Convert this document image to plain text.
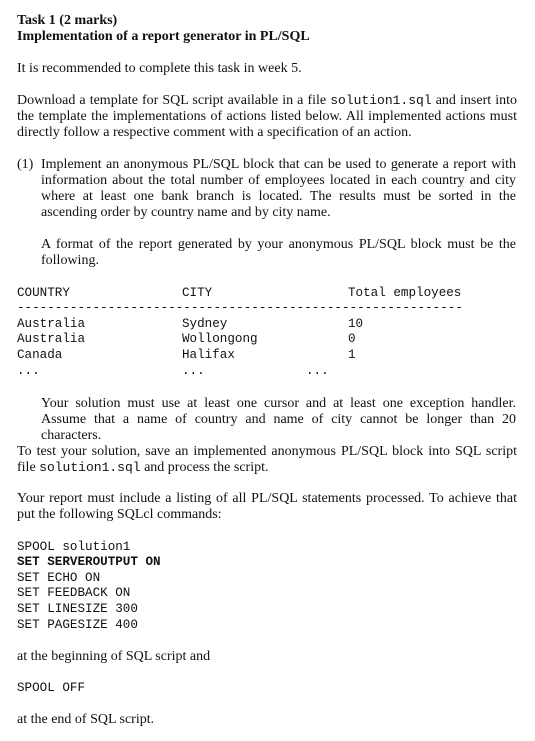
Task 1 (2 marks)
Implementation of a report generator in PL/SQL
It is recommended to complete this task in week 5.
Download a template for SQL script available in a file solution1.sql and insert into the template the implementations of actions listed below. All implemented actions must directly follow a respective comment with a specification of an action.
(1) Implement an anonymous PL/SQL block that can be used to generate a report with information about the total number of employees located in each country and city where at least one bank branch is located. The results must be sorted in the ascending order by country name and by city name.
A format of the report generated by your anonymous PL/SQL block must be the following.
COUNTRY	CITY	Total employees
-----------------------------------------------------------
Australia	Sydney	10
Australia	Wollongong	0
Canada	Halifax	1
...	...	...
Your solution must use at least one cursor and at least one exception handler. Assume that a name of country and name of city cannot be longer than 20 characters.
To test your solution, save an implemented anonymous PL/SQL block into SQL script file solution1.sql and process the script.
Your report must include a listing of all PL/SQL statements processed. To achieve that put the following SQLcl commands:
SPOOL solution1
SET SERVEROUTPUT ON
SET ECHO ON
SET FEEDBACK ON
SET LINESIZE 300
SET PAGESIZE 400
at the beginning of SQL script and
SPOOL OFF
at the end of SQL script.
